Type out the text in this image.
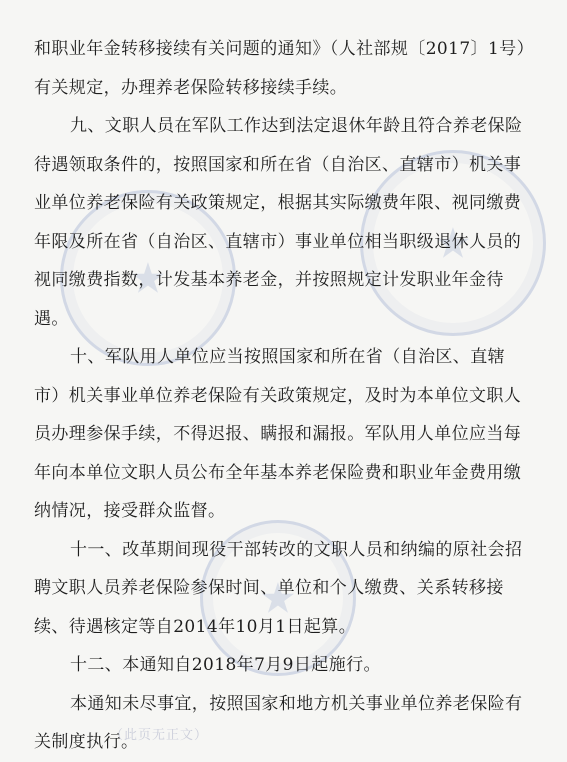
★
★
★

和职业年金转移接续有关问题的通知》（人社部规〔2017〕1号）

有关规定，办理养老保险转移接续手续。

九、文职人员在军队工作达到法定退休年龄且符合养老保险

待遇领取条件的，按照国家和所在省（自治区、直辖市）机关事

业单位养老保险有关政策规定，根据其实际缴费年限、视同缴费

年限及所在省（自治区、直辖市）事业单位相当职级退休人员的

视同缴费指数，计发基本养老金，并按照规定计发职业年金待

遇。

十、军队用人单位应当按照国家和所在省（自治区、直辖

市）机关事业单位养老保险有关政策规定，及时为本单位文职人

员办理参保手续，不得迟报、瞒报和漏报。军队用人单位应当每

年向本单位文职人员公布全年基本养老保险费和职业年金费用缴

纳情况，接受群众监督。

十一、改革期间现役干部转改的文职人员和纳编的原社会招

聘文职人员养老保险参保时间、单位和个人缴费、关系转移接

续、待遇核定等自2014年10月1日起算。

十二、本通知自2018年7月9日起施行。

本通知未尽事宜，按照国家和地方机关事业单位养老保险有

关制度执行。

（此页无正文）
